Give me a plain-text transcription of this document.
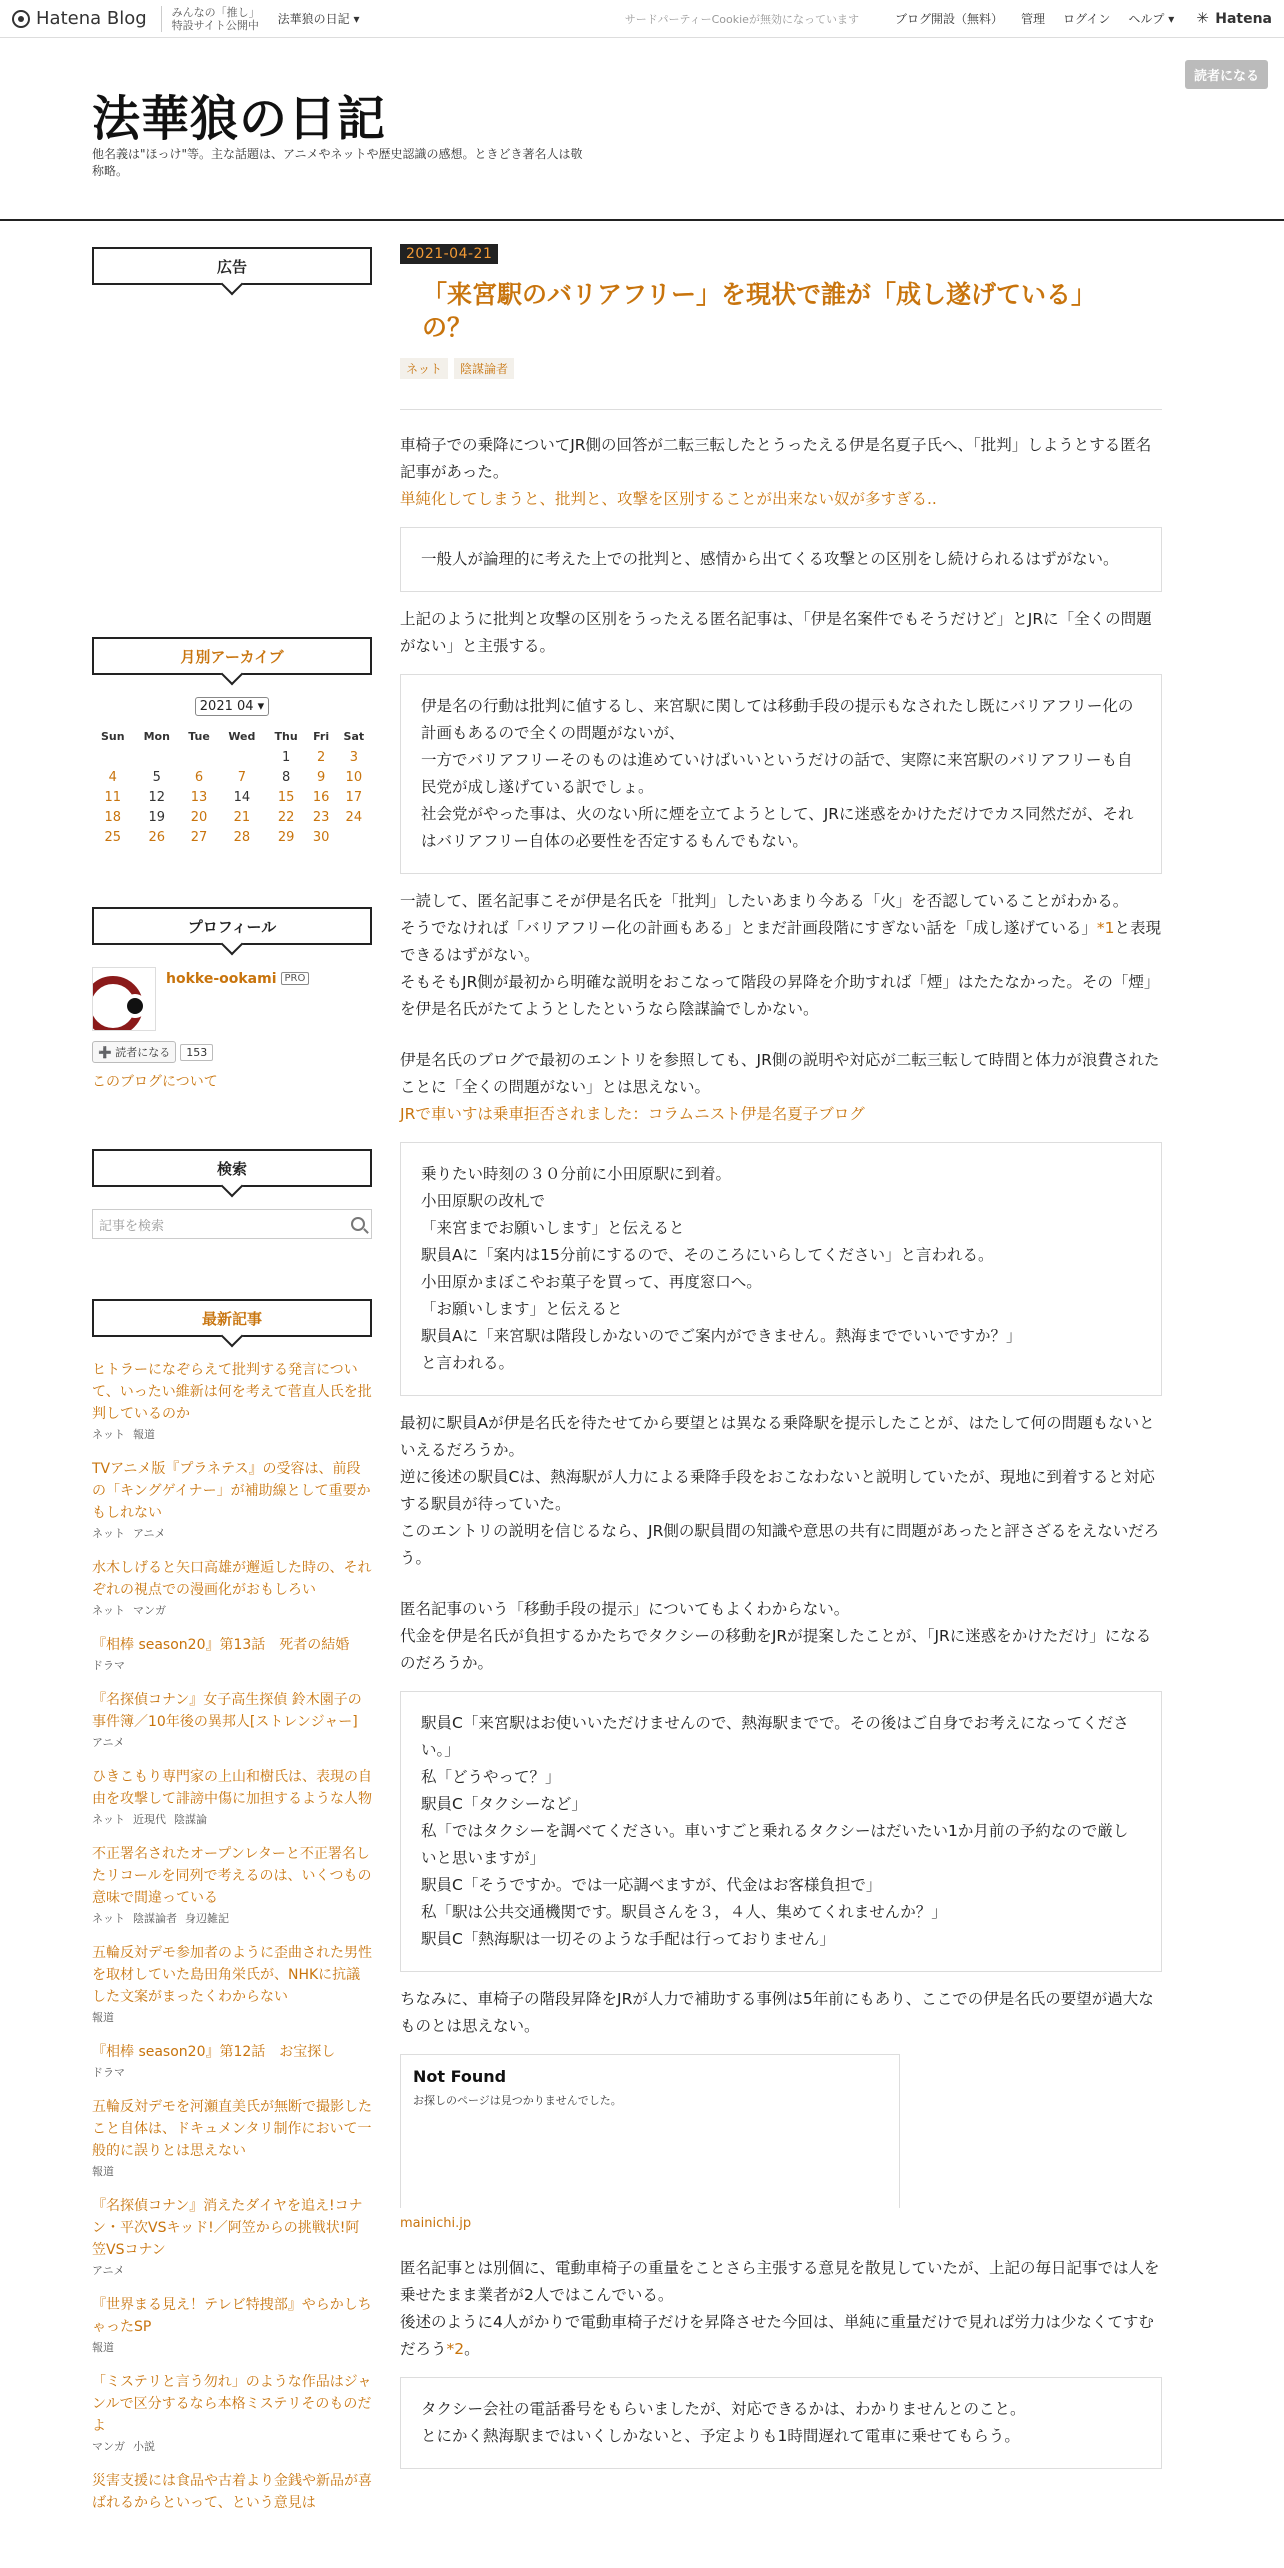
Hatena Blog みんなの「推し」
特設サイト公開中 法華狼の日記 ▾	サードパーティーCookieが無効になっています	ブログ開設（無料） 管理 ログイン ヘルプ ▾ ✳	Hatena
法華狼の日記
他名義は"ほっけ"等。主な話題は、アニメやネットや歴史認識の感想。ときどき著名人は敬称略。
読者になる
広告
月別アーカイブ
2021 04 ▾
Sun	Mon	Tue	Wed	Thu	Fri	Sat
				1	2	3
4	5	6	7	8	9	10
11	12	13	14	15	16	17
18	19	20	21	22	23	24
25	26	27	28	29	30	
プロフィール
hokke-ookami PRO
➕ 読者になる	153
このブログについて
検索
記事を検索
最新記事
ヒトラーになぞらえて批判する発言について、いったい維新は何を考えて菅直人氏を批判しているのか
ネット 報道
TVアニメ版『プラネテス』の受容は、前段の「キングゲイナー」が補助線として重要かもしれない
ネット アニメ
水木しげると矢口高雄が邂逅した時の、それぞれの視点での漫画化がおもしろい
ネット マンガ
『相棒 season20』第13話　死者の結婚
ドラマ
『名探偵コナン』女子高生探偵 鈴木園子の事件簿／10年後の異邦人[ストレンジャー]
アニメ
ひきこもり専門家の上山和樹氏は、表現の自由を攻撃して誹謗中傷に加担するような人物
ネット 近現代 陰謀論
不正署名されたオープンレターと不正署名したリコールを同列で考えるのは、いくつもの意味で間違っている
ネット 陰謀論者 身辺雑記
五輪反対デモ参加者のように歪曲された男性を取材していた島田角栄氏が、NHKに抗議した文案がまったくわからない
報道
『相棒 season20』第12話　お宝探し
ドラマ
五輪反対デモを河瀬直美氏が無断で撮影したこと自体は、ドキュメンタリ制作において一般的に誤りとは思えない
報道
『名探偵コナン』消えたダイヤを追え!コナン・平次VSキッド!／阿笠からの挑戦状!阿笠VSコナン
アニメ
『世界まる見え！テレビ特捜部』やらかしちゃったSP
報道
「ミステリと言う勿れ」のような作品はジャンルで区分するなら本格ミステリそのものだよ
マンガ 小説
災害支援には食品や古着より金銭や新品が喜ばれるからといって、という意見は
2021-04-21
「来宮駅のバリアフリー」を現状で誰が「成し遂げている」の？
ネット	陰謀論者
車椅子での乗降についてJR側の回答が二転三転したとうったえる伊是名夏子氏へ、「批判」しようとする匿名記事があった。
単純化してしまうと、批判と、攻撃を区別することが出来ない奴が多すぎる..
一般人が論理的に考えた上での批判と、感情から出てくる攻撃との区別をし続けられるはずがない。
上記のように批判と攻撃の区別をうったえる匿名記事は、「伊是名案件でもそうだけど」とJRに「全くの問題がない」と主張する。
伊是名の行動は批判に値するし、来宮駅に関しては移動手段の提示もなされたし既にバリアフリー化の計画もあるので全くの問題がないが、
一方でバリアフリーそのものは進めていけばいいというだけの話で、実際に来宮駅のバリアフリーも自民党が成し遂げている訳でしょ。
社会党がやった事は、火のない所に煙を立てようとして、JRに迷惑をかけただけでカス同然だが、それはバリアフリー自体の必要性を否定するもんでもない。
一読して、匿名記事こそが伊是名氏を「批判」したいあまり今ある「火」を否認していることがわかる。
そうでなければ「バリアフリー化の計画もある」とまだ計画段階にすぎない話を「成し遂げている」*1と表現できるはずがない。
そもそもJR側が最初から明確な説明をおこなって階段の昇降を介助すれば「煙」はたたなかった。その「煙」を伊是名氏がたてようとしたというなら陰謀論でしかない。
伊是名氏のブログで最初のエントリを参照しても、JR側の説明や対応が二転三転して時間と体力が浪費されたことに「全くの問題がない」とは思えない。
JRで車いすは乗車拒否されました：コラムニスト伊是名夏子ブログ
乗りたい時刻の３０分前に小田原駅に到着。
小田原駅の改札で
「来宮までお願いします」と伝えると
駅員Aに「案内は15分前にするので、そのころにいらしてください」と言われる。
小田原かまぼこやお菓子を買って、再度窓口へ。
「お願いします」と伝えると
駅員Aに「来宮駅は階段しかないのでご案内ができません。熱海まででいいですか？」
と言われる。
最初に駅員Aが伊是名氏を待たせてから要望とは異なる乗降駅を提示したことが、はたして何の問題もないといえるだろうか。
逆に後述の駅員Cは、熱海駅が人力による乗降手段をおこなわないと説明していたが、現地に到着すると対応する駅員が待っていた。
このエントリの説明を信じるなら、JR側の駅員間の知識や意思の共有に問題があったと評さざるをえないだろう。
匿名記事のいう「移動手段の提示」についてもよくわからない。
代金を伊是名氏が負担するかたちでタクシーの移動をJRが提案したことが、「JRに迷惑をかけただけ」になるのだろうか。
駅員C「来宮駅はお使いいただけませんので、熱海駅までで。その後はご自身でお考えになってください。」
私「どうやって？」
駅員C「タクシーなど」
私「ではタクシーを調べてください。車いすごと乗れるタクシーはだいたい1か月前の予約なので厳しいと思いますが」
駅員C「そうですか。では一応調べますが、代金はお客様負担で」
私「駅は公共交通機関です。駅員さんを３，４人、集めてくれませんか？」
駅員C「熱海駅は一切そのような手配は行っておりません」
ちなみに、車椅子の階段昇降をJRが人力で補助する事例は5年前にもあり、ここでの伊是名氏の要望が過大なものとは思えない。
Not Found
お探しのページは見つかりませんでした。
mainichi.jp
匿名記事とは別個に、電動車椅子の重量をことさら主張する意見を散見していたが、上記の毎日記事では人を乗せたまま業者が2人ではこんでいる。
後述のように4人がかりで電動車椅子だけを昇降させた今回は、単純に重量だけで見れば労力は少なくてすむだろう*2。
タクシー会社の電話番号をもらいましたが、対応できるかは、わかりませんとのこと。
とにかく熱海駅まではいくしかないと、予定よりも1時間遅れて電車に乗せてもらう。
